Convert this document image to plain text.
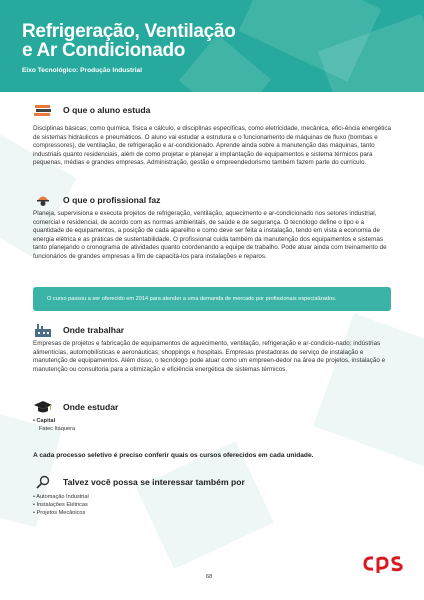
Refrigeração, Ventilação
e Ar Condicionado
Eixo Tecnológico: Produção Industrial
O que o aluno estuda
Disciplinas básicas, como química, física e cálculo, e disciplinas específicas, como eletricidade, mecânica, efici-ência energética de sistemas hidráulicos e pneumáticos. O aluno vai estudar a estrutura e o funcionamento de máquinas de fluxo (bombas e compressores), de ventilação, de refrigeração e ar-condicionado. Aprende ainda sobre a manutenção das máquinas, tanto industriais quanto residenciais, além de como projetar e planejar a implantação de equipamentos e sistema térmicos para pequenas, médias e grandes empresas. Administração, gestão e empreendedorismo também fazem parte do currículo.
O que o profissional faz
Planeja, supervisiona e executa projetos de refrigeração, ventilação, aquecimento e ar-condicionado nos setores industrial, comercial e residencial, de acordo com as normas ambientais, de saúde e de segurança. O tecnólogo define o tipo e a quantidade de equipamentos, a posição de cada aparelho e como deve ser feita a instalação, tendo em vista a economia de energia elétrica e as práticas de sustentabilidade. O profissional cuida também da manutenção dos equipamentos e sistemas tanto planejando o cronograma de atividades quanto coordenando a equipe de trabalho. Pode atuar ainda com treinamento de funcionários de grandes empresas a fim de capacitá-los para instalações e reparos.
O curso passou a ser oferecido em 2014 para atender a uma demanda de mercado por profissionais especializados.
Onde trabalhar
Empresas de projetos e fabricação de equipamentos de aquecimento, ventilação, refrigeração e ar-condicio-nado; indústrias alimentícias, automobilísticas e aeronáuticas; shoppings e hospitais. Empresas prestadoras de serviço de instalação e manutenção de equipamentos. Além disso, o tecnólogo pode atuar como um empreen-dedor na área de projetos, instalação e manutenção ou consultoria para a otimização e eficiência energética de sistemas térmicos.
Onde estudar
• Capital
Fatec Itaquera
A cada processo seletivo é preciso conferir quais os cursos oferecidos em cada unidade.
Talvez você possa se interessar também por
• Automação Industrial
• Instalações Elétricas
• Projetos Mecânicos
68
